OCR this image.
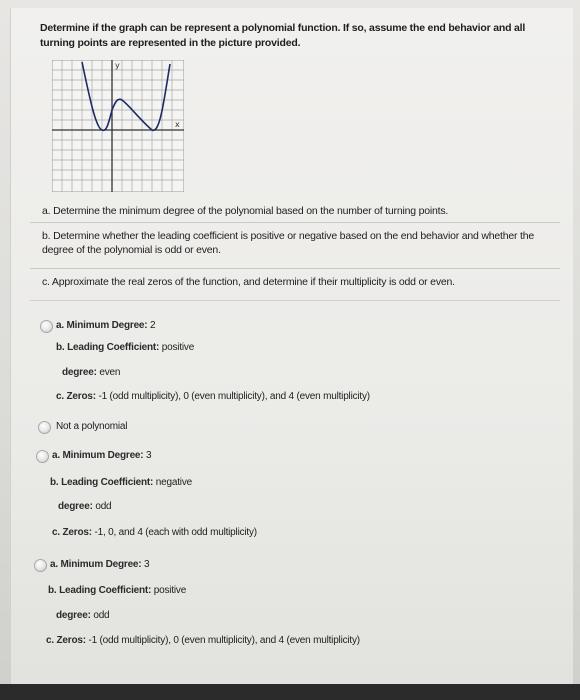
Determine if the graph can be represent a polynomial function. If so, assume the end behavior and all turning points are represented in the picture provided.
x
y
a. Determine the minimum degree of the polynomial based on the number of turning points.
b. Determine whether the leading coefficient is positive or negative based on the end behavior and whether the degree of the polynomial is odd or even.
c. Approximate the real zeros of the function, and determine if their multiplicity is odd or even.
a. Minimum Degree: 2
b. Leading Coefficient: positive
degree: even
c. Zeros: -1 (odd multiplicity), 0 (even multiplicity), and 4 (even multiplicity)
Not a polynomial
a. Minimum Degree: 3
b. Leading Coefficient: negative
degree: odd
c. Zeros: -1, 0, and 4 (each with odd multiplicity)
a. Minimum Degree: 3
b. Leading Coefficient: positive
degree: odd
c. Zeros: -1 (odd multiplicity), 0 (even multiplicity), and 4 (even multiplicity)
